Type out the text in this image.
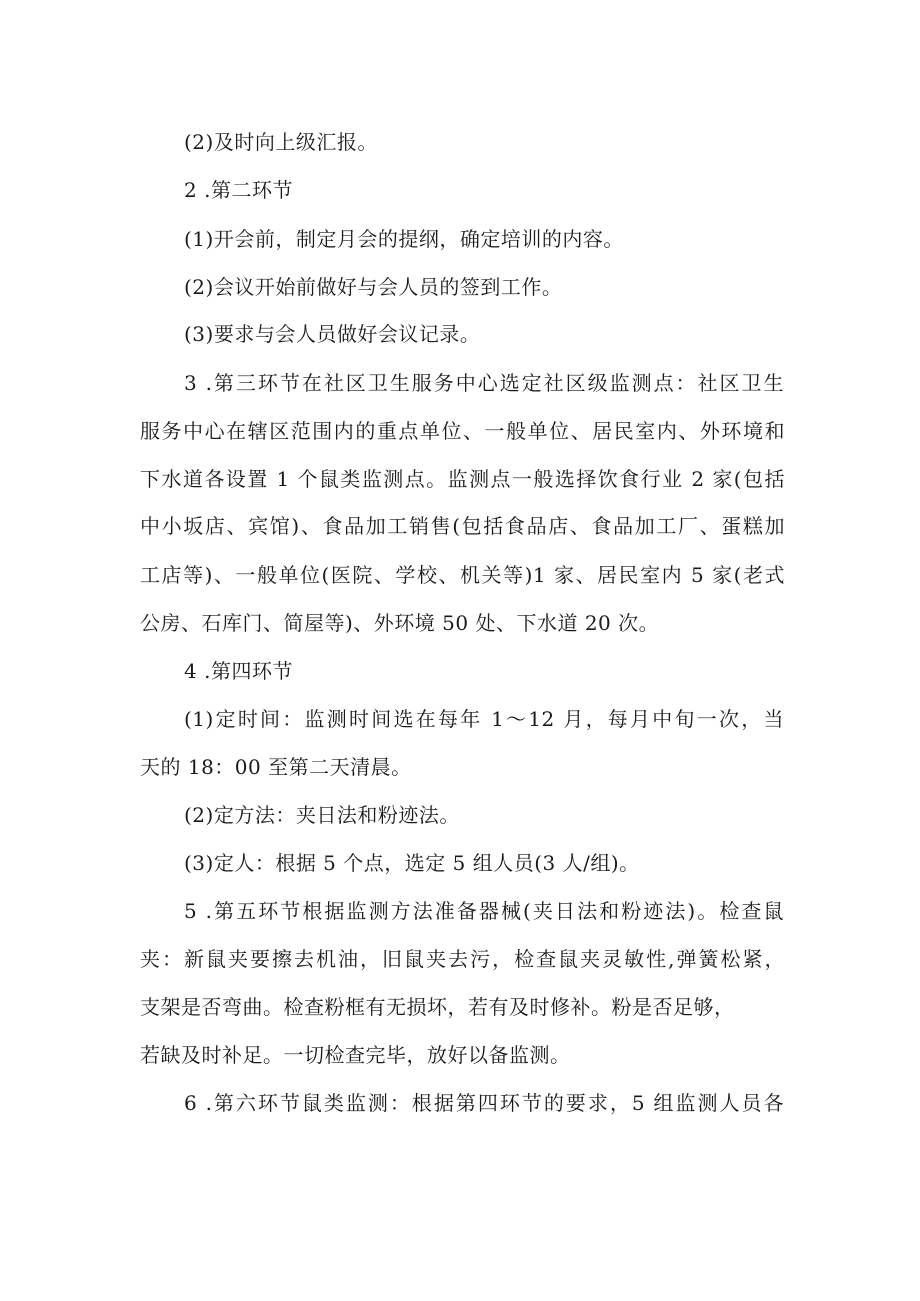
(2)及时向上级汇报。
2 .第二环节
(1)开会前，制定月会的提纲，确定培训的内容。
(2)会议开始前做好与会人员的签到工作。
(3)要求与会人员做好会议记录。
3 .第三环节在社区卫生服务中心选定社区级监测点：社区卫生
服务中心在辖区范围内的重点单位、一般单位、居民室内、外环境和
下水道各设置 1 个鼠类监测点。监测点一般选择饮食行业 2 家(包括
中小坂店、宾馆)、食品加工销售(包括食品店、食品加工厂、蛋糕加
工店等)、一般单位(医院、学校、机关等)1 家、居民室内 5 家(老式
公房、石库门、简屋等)、外环境 50 处、下水道 20 次。
4 .第四环节
(1)定时间：监测时间选在每年 1～12 月，每月中旬一次，当
天的 18：00 至第二天清晨。
(2)定方法：夹日法和粉迹法。
(3)定人：根据 5 个点，选定 5 组人员(3 人/组)。
5 .第五环节根据监测方法准备器械(夹日法和粉迹法)。检查鼠
夹：新鼠夹要擦去机油，旧鼠夹去污，检查鼠夹灵敏性,弹簧松紧，
支架是否弯曲。检查粉框有无损坏，若有及时修补。粉是否足够，
若缺及时补足。一切检查完毕，放好以备监测。
6 .第六环节鼠类监测：根据第四环节的要求，5 组监测人员各
